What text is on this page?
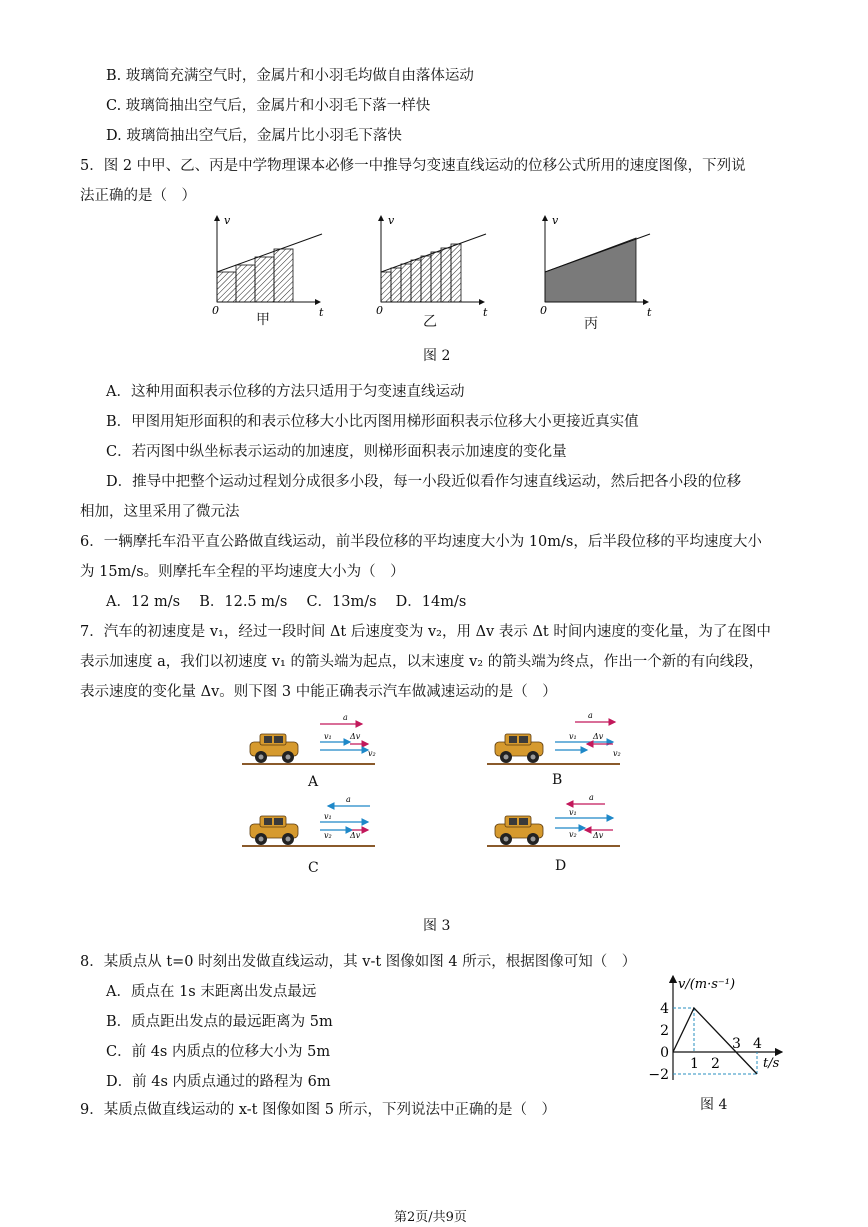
B. 玻璃筒充满空气时，金属片和小羽毛均做自由落体运动
C. 玻璃筒抽出空气后，金属片和小羽毛下落一样快
D. 玻璃筒抽出空气后，金属片比小羽毛下落快
5．图 2 中甲、乙、丙是中学物理课本必修一中推导匀变速直线运动的位移公式所用的速度图像，下列说
法正确的是（　）
v
t
0
v
t
0
v
t
0
甲	乙	丙
图 2
A．这种用面积表示位移的方法只适用于匀变速直线运动
B．甲图用矩形面积的和表示位移大小比丙图用梯形面积表示位移大小更接近真实值
C．若丙图中纵坐标表示运动的加速度，则梯形面积表示加速度的变化量
D．推导中把整个运动过程划分成很多小段，每一小段近似看作匀速直线运动，然后把各小段的位移
相加，这里采用了微元法
6．一辆摩托车沿平直公路做直线运动，前半段位移的平均速度大小为 10m/s，后半段位移的平均速度大小
为 15m/s。则摩托车全程的平均速度大小为（　）
A．12 m/s　 B．12.5 m/s　 C．13m/s　 D．14m/s
7．汽车的初速度是 v₁，经过一段时间 Δt 后速度变为 v₂，用 Δv 表示 Δt 时间内速度的变化量，为了在图中
表示加速度 a，我们以初速度 v₁ 的箭头端为起点，以末速度 v₂ 的箭头端为终点，作出一个新的有向线段，
表示速度的变化量 Δv。则下图 3 中能正确表示汽车做减速运动的是（　）
a
v₁ Δv
v₂
a
v₁ Δv
v₂
a
v₁
v₂ Δv
a
v₁
v₂ Δv
A	B
C	D
图 3
8．某质点从 t=0 时刻出发做直线运动，其 v-t 图像如图 4 所示，根据图像可知（　）
A．质点在 1s 末距离出发点最远
B．质点距出发点的最远距离为 5m
C．前 4s 内质点的位移大小为 5m
D．前 4s 内质点通过的路程为 6m
4
2
0
−2
1 2
3 4
v/(m·s⁻¹)
t/s
图 4
9．某质点做直线运动的 x-t 图像如图 5 所示，下列说法中正确的是（　）
第2页/共9页
